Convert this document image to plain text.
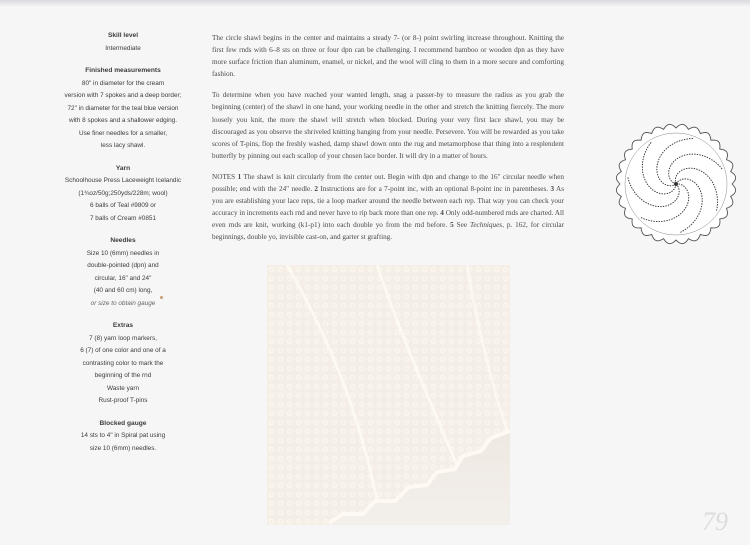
Skill level
Intermediate
Finished measurements
80" in diameter for the cream
version with 7 spokes and a deep border;
72" in diameter for the teal blue version
with 8 spokes and a shallower edging.
Use finer needles for a smaller,
less lacy shawl.
Yarn
Schoolhouse Press Laceweight Icelandic
(1¾oz/50g;250yds/228m; wool)
6 balls of Teal #9809 or
7 balls of Cream #0851
Needles
Size 10 (6mm) needles in
double-pointed (dpn) and
circular, 16" and 24"
(40 and 60 cm) long,
or size to obtain gauge
Extras
7 (8) yarn loop markers,
6 (7) of one color and one of a
contrasting color to mark the
beginning of the rnd
Waste yarn
Rust-proof T-pins
Blocked gauge
14 sts to 4" in Spiral pat using
size 10 (6mm) needles.

The circle shawl begins in the center and maintains a steady 7- (or 8-) point swirling increase throughout. Knitting the first few rnds with 6–8 sts on three or four dpn can be challenging. I recommend bamboo or wooden dpn as they have more surface friction than aluminum, enamel, or nickel, and the wool will cling to them in a more secure and comforting fashion.

To determine when you have reached your wanted length, snag a passer-by to measure the radius as you grab the beginning (center) of the shawl in one hand, your working needle in the other and stretch the knitting fiercely. The more loosely you knit, the more the shawl will stretch when blocked. During your very first lace shawl, you may be discouraged as you observe the shriveled knitting hanging from your needle. Persevere. You will be rewarded as you take scores of T-pins, flop the freshly washed, damp shawl down onto the rug and metamorphose that thing into a resplendent butterfly by pinning out each scallop of your chosen lace border. It will dry in a matter of hours.

NOTES 1 The shawl is knit circularly from the center out. Begin with dpn and change to the 16" circular needle when possible; end with the 24" needle. 2 Instructions are for a 7-point inc, with an optional 8-point inc in parentheses. 3 As you are establishing your lace reps, tie a loop marker around the needle between each rep. That way you can check your accuracy in increments each rnd and never have to rip back more than one rep. 4 Only odd-numbered rnds are charted. All even rnds are knit, working (k1-p1) into each double yo from the rnd before. 5 See Techniques, p. 162, for circular beginnings, double yo, invisible cast-on, and garter st grafting.

79
